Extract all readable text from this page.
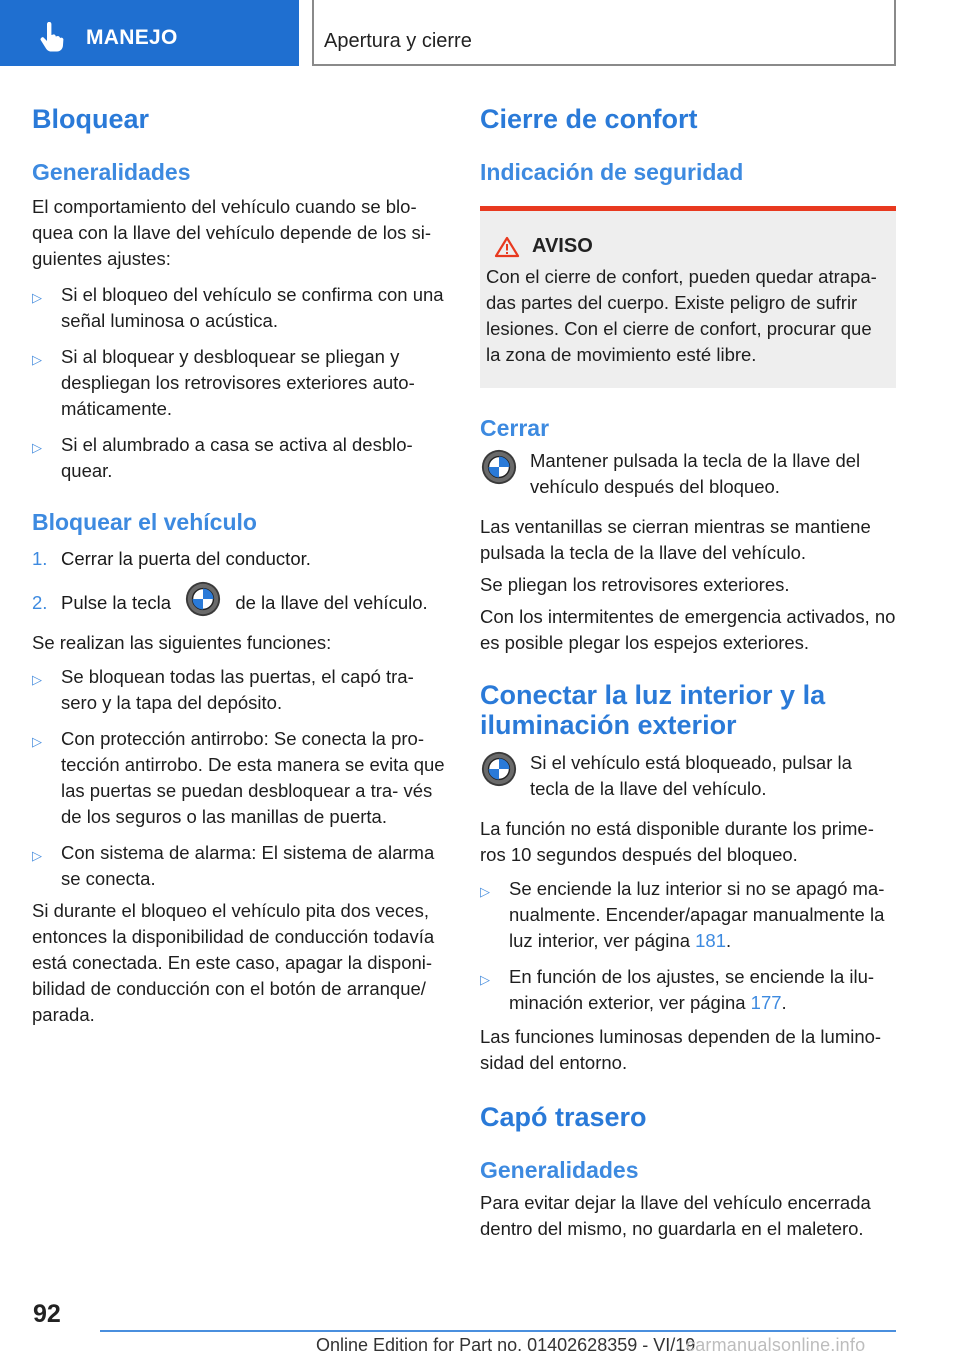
MANEJO	Apertura y cierre
Bloquear
Generalidades

El comportamiento del vehículo cuando se blo‐ quea con la llave del vehículo depende de los si‐ guientes ajustes:

▷ Si el bloqueo del vehículo se confirma con una señal luminosa o acústica.
▷ Si al bloquear y desbloquear se pliegan y despliegan los retrovisores exteriores auto‐ máticamente.
▷ Si el alumbrado a casa se activa al desblo‐ quear.
Bloquear el vehículo
1. Cerrar la puerta del conductor.
2. Pulse la tecla	de la llave del vehículo.

Se realizan las siguientes funciones:

▷ Se bloquean todas las puertas, el capó tra‐ sero y la tapa del depósito.
▷ Con protección antirrobo: Se conecta la pro‐ tección antirrobo. De esta manera se evita que las puertas se puedan desbloquear a tra‐ vés de los seguros o las manillas de puerta.
▷ Con sistema de alarma: El sistema de alarma se conecta.

Si durante el bloqueo el vehículo pita dos veces, entonces la disponibilidad de conducción todavía está conectada. En este caso, apagar la disponi‐ bilidad de conducción con el botón de arranque/ parada.

Cierre de confort
Indicación de seguridad
AVISO

Con el cierre de confort, pueden quedar atrapa‐ das partes del cuerpo. Existe peligro de sufrir lesiones. Con el cierre de confort, procurar que la zona de movimiento esté libre.

Cerrar

Mantener pulsada la tecla de la llave del vehículo después del bloqueo.

Las ventanillas se cierran mientras se mantiene pulsada la tecla de la llave del vehículo.

Se pliegan los retrovisores exteriores.

Con los intermitentes de emergencia activados, no es posible plegar los espejos exteriores.

Conectar la luz interior y la iluminación exterior

Si el vehículo está bloqueado, pulsar la tecla de la llave del vehículo.

La función no está disponible durante los prime‐ ros 10 segundos después del bloqueo.

▷ Se enciende la luz interior si no se apagó ma‐ nualmente. Encender/apagar manualmente la luz interior, ver página 181.
▷ En función de los ajustes, se enciende la ilu‐ minación exterior, ver página 177.

Las funciones luminosas dependen de la lumino‐ sidad del entorno.

Capó trasero
Generalidades

Para evitar dejar la llave del vehículo encerrada dentro del mismo, no guardarla en el maletero.

92
Online Edition for Part no. 01402628359 - VI/19
carmanualsonline.info
